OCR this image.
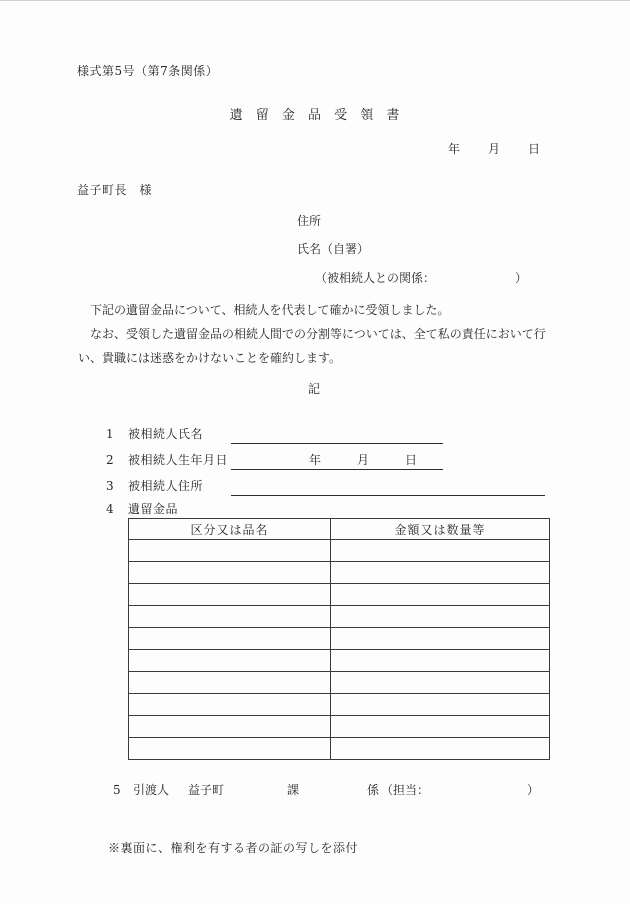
様式第5号（第7条関係）
遺 留 金 品 受 領 書
年 月 日
益子町長　様
住所
氏名（自署）
（被相続人との関係：	）

下記の遺留金品について、相続人を代表して確かに受領しました。

なお、受領した遺留金品の相続人間での分割等については、全て私の責任において行い、貴職には迷惑をかけないことを確約します。

記
1 被相続人氏名
2 被相続人生年月日	年	月	日
3 被相続人住所
4 遺留金品
区分又は品名	金額又は数量等

5 引渡人 益子町	課	係 （担当：	）
※裏面に、権利を有する者の証の写しを添付
